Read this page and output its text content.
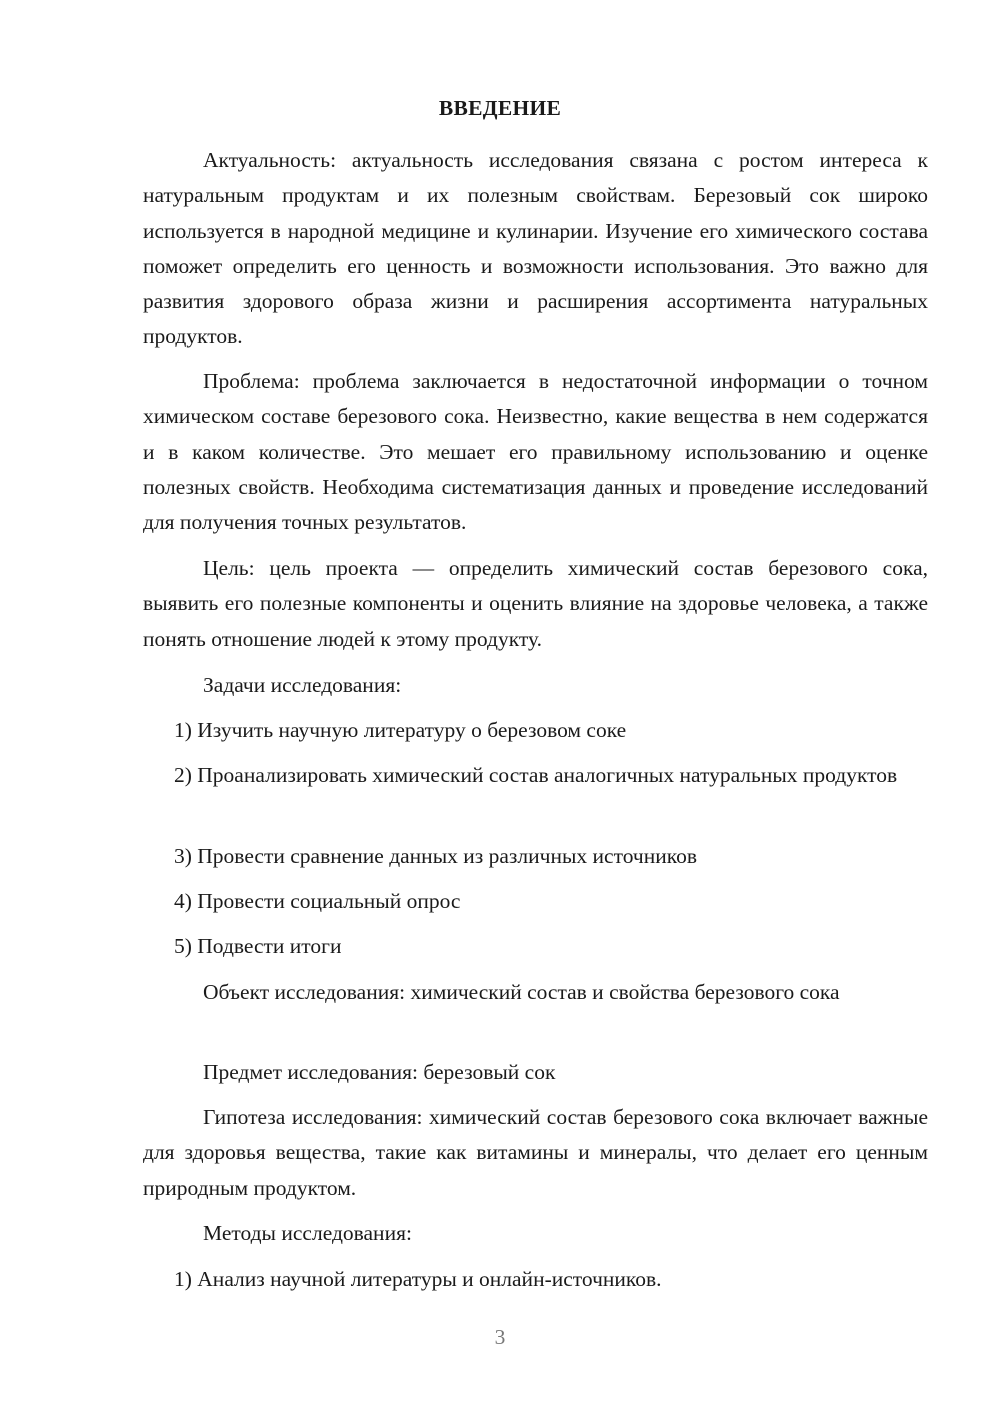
ВВЕДЕНИЕ

Актуальность: актуальность исследования связана с ростом интереса к натуральным продуктам и их полезным свойствам. Березовый сок широко используется в народной медицине и кулинарии. Изучение его химического состава поможет определить его ценность и возможности использования. Это важно для развития здорового образа жизни и расширения ассортимента натуральных продуктов.

Проблема: проблема заключается в недостаточной информации о точном химическом составе березового сока. Неизвестно, какие вещества в нем содержатся и в каком количестве. Это мешает его правильному использованию и оценке полезных свойств. Необходима систематизация данных и проведение исследований для получения точных результатов.

Цель: цель проекта — определить химический состав березового сока, выявить его полезные компоненты и оценить влияние на здоровье человека, а также понять отношение людей к этому продукту.

Задачи исследования:

1) Изучить научную литературу о березовом соке

2) Проанализировать химический состав аналогичных натуральных продуктов

3) Провести сравнение данных из различных источников

4) Провести социальный опрос

5) Подвести итоги

Объект исследования: химический состав и свойства березового сока

Предмет исследования: березовый сок

Гипотеза исследования: химический состав березового сока включает важные для здоровья вещества, такие как витамины и минералы, что делает его ценным природным продуктом.

Методы исследования:

1) Анализ научной литературы и онлайн-источников.

3
